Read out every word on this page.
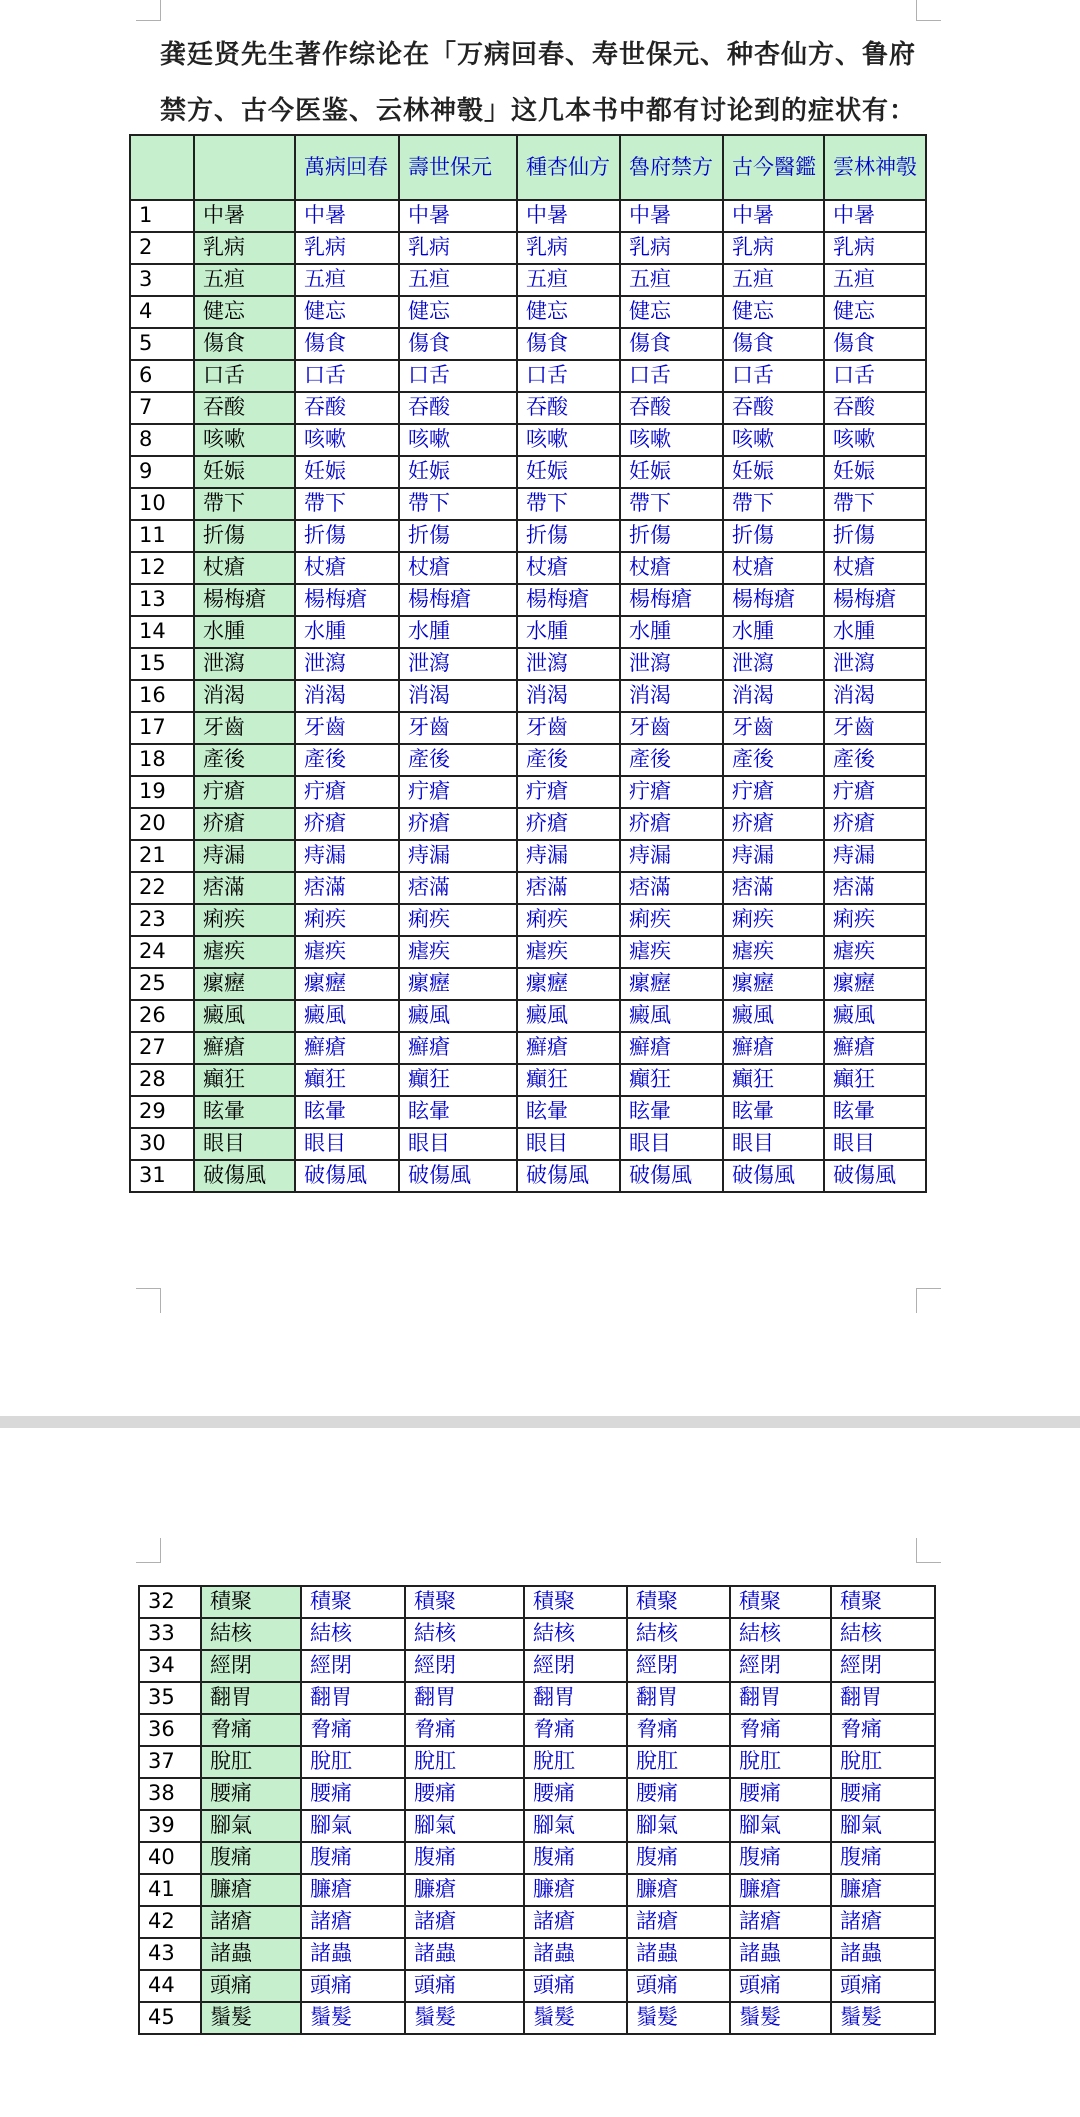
龚廷贤先生著作综论在「万病回春、寿世保元、种杏仙方、鲁府
禁方、古今医鉴、云林神彀」这几本书中都有讨论到的症状有：
		萬病回春	壽世保元	種杏仙方	魯府禁方	古今醫鑑	雲林神彀
1	中暑	中暑	中暑	中暑	中暑	中暑	中暑
2	乳病	乳病	乳病	乳病	乳病	乳病	乳病
3	五疸	五疸	五疸	五疸	五疸	五疸	五疸
4	健忘	健忘	健忘	健忘	健忘	健忘	健忘
5	傷食	傷食	傷食	傷食	傷食	傷食	傷食
6	口舌	口舌	口舌	口舌	口舌	口舌	口舌
7	吞酸	吞酸	吞酸	吞酸	吞酸	吞酸	吞酸
8	咳嗽	咳嗽	咳嗽	咳嗽	咳嗽	咳嗽	咳嗽
9	妊娠	妊娠	妊娠	妊娠	妊娠	妊娠	妊娠
10	帶下	帶下	帶下	帶下	帶下	帶下	帶下
11	折傷	折傷	折傷	折傷	折傷	折傷	折傷
12	杖瘡	杖瘡	杖瘡	杖瘡	杖瘡	杖瘡	杖瘡
13	楊梅瘡	楊梅瘡	楊梅瘡	楊梅瘡	楊梅瘡	楊梅瘡	楊梅瘡
14	水腫	水腫	水腫	水腫	水腫	水腫	水腫
15	泄瀉	泄瀉	泄瀉	泄瀉	泄瀉	泄瀉	泄瀉
16	消渴	消渴	消渴	消渴	消渴	消渴	消渴
17	牙齒	牙齒	牙齒	牙齒	牙齒	牙齒	牙齒
18	產後	產後	產後	產後	產後	產後	產後
19	疔瘡	疔瘡	疔瘡	疔瘡	疔瘡	疔瘡	疔瘡
20	疥瘡	疥瘡	疥瘡	疥瘡	疥瘡	疥瘡	疥瘡
21	痔漏	痔漏	痔漏	痔漏	痔漏	痔漏	痔漏
22	痞滿	痞滿	痞滿	痞滿	痞滿	痞滿	痞滿
23	痢疾	痢疾	痢疾	痢疾	痢疾	痢疾	痢疾
24	瘧疾	瘧疾	瘧疾	瘧疾	瘧疾	瘧疾	瘧疾
25	瘰癧	瘰癧	瘰癧	瘰癧	瘰癧	瘰癧	瘰癧
26	癜風	癜風	癜風	癜風	癜風	癜風	癜風
27	癬瘡	癬瘡	癬瘡	癬瘡	癬瘡	癬瘡	癬瘡
28	癲狂	癲狂	癲狂	癲狂	癲狂	癲狂	癲狂
29	眩暈	眩暈	眩暈	眩暈	眩暈	眩暈	眩暈
30	眼目	眼目	眼目	眼目	眼目	眼目	眼目
31	破傷風	破傷風	破傷風	破傷風	破傷風	破傷風	破傷風
32	積聚	積聚	積聚	積聚	積聚	積聚	積聚
33	結核	結核	結核	結核	結核	結核	結核
34	經閉	經閉	經閉	經閉	經閉	經閉	經閉
35	翻胃	翻胃	翻胃	翻胃	翻胃	翻胃	翻胃
36	脅痛	脅痛	脅痛	脅痛	脅痛	脅痛	脅痛
37	脫肛	脫肛	脫肛	脫肛	脫肛	脫肛	脫肛
38	腰痛	腰痛	腰痛	腰痛	腰痛	腰痛	腰痛
39	腳氣	腳氣	腳氣	腳氣	腳氣	腳氣	腳氣
40	腹痛	腹痛	腹痛	腹痛	腹痛	腹痛	腹痛
41	臁瘡	臁瘡	臁瘡	臁瘡	臁瘡	臁瘡	臁瘡
42	諸瘡	諸瘡	諸瘡	諸瘡	諸瘡	諸瘡	諸瘡
43	諸蟲	諸蟲	諸蟲	諸蟲	諸蟲	諸蟲	諸蟲
44	頭痛	頭痛	頭痛	頭痛	頭痛	頭痛	頭痛
45	鬚髮	鬚髮	鬚髮	鬚髮	鬚髮	鬚髮	鬚髮
